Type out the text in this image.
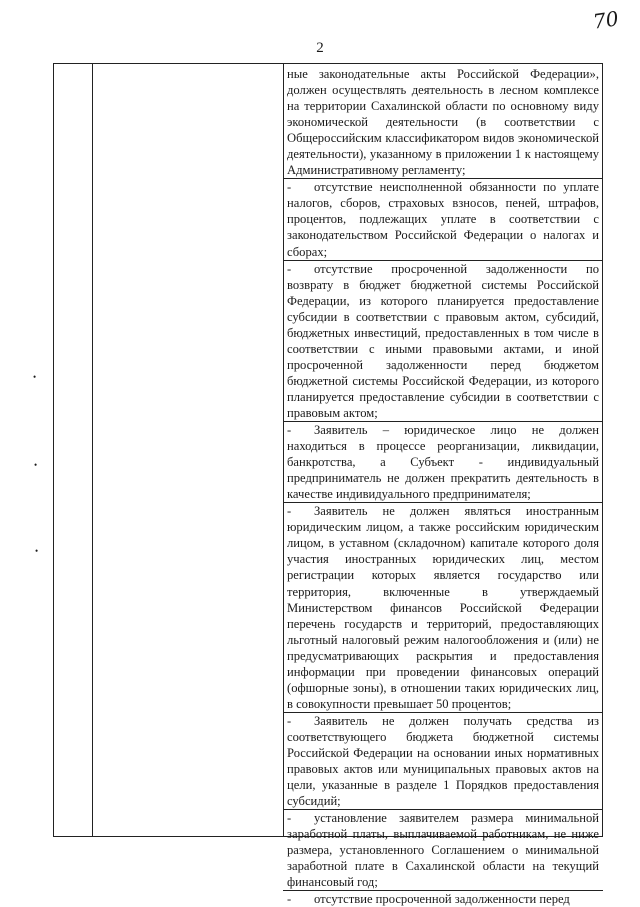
70
2
•
•
•

ные законодательные акты Российской Федерации», должен осуществлять деятельность в лесном комплексе на территории Сахалинской области по основному виду экономической деятельности (в соответствии с Общероссийским классификатором видов экономической деятельности), указанному в приложении 1 к настоящему Административному регламенту;

- отсутствие неисполненной обязанности по уплате налогов, сборов, страховых взносов, пеней, штрафов, процентов, подлежащих уплате в соответствии с законодательством Российской Федерации о налогах и сборах;

- отсутствие просроченной задолженности по возврату в бюджет бюджетной системы Российской Федерации, из которого планируется предоставление субсидии в соответствии с правовым актом, субсидий, бюджетных инвестиций, предоставленных в том числе в соответствии с иными правовыми актами, и иной просроченной задолженности перед бюджетом бюджетной системы Российской Федерации, из которого планируется предоставление субсидии в соответствии с правовым актом;

- Заявитель – юридическое лицо не должен находиться в процессе реорганизации, ликвидации, банкротства, а Субъект - индивидуальный предприниматель не должен прекратить деятельность в качестве индивидуального предпринимателя;

- Заявитель не должен являться иностранным юридическим лицом, а также российским юридическим лицом, в уставном (складочном) капитале которого доля участия иностранных юридических лиц, местом регистрации которых является государство или территория, включенные в утверждаемый Министерством финансов Российской Федерации перечень государств и территорий, предоставляющих льготный налоговый режим налогообложения и (или) не предусматривающих раскрытия и предоставления информации при проведении финансовых операций (офшорные зоны), в отношении таких юридических лиц, в совокупности превышает 50 процентов;

- Заявитель не должен получать средства из соответствующего бюджета бюджетной системы Российской Федерации на основании иных нормативных правовых актов или муниципальных правовых актов на цели, указанные в разделе 1 Порядков предоставления субсидий;

- установление заявителем размера минимальной заработной платы, выплачиваемой работникам, не ниже размера, установленного Соглашением о минимальной заработной плате в Сахалинской области на текущий финансовый год;

- отсутствие просроченной задолженности перед
